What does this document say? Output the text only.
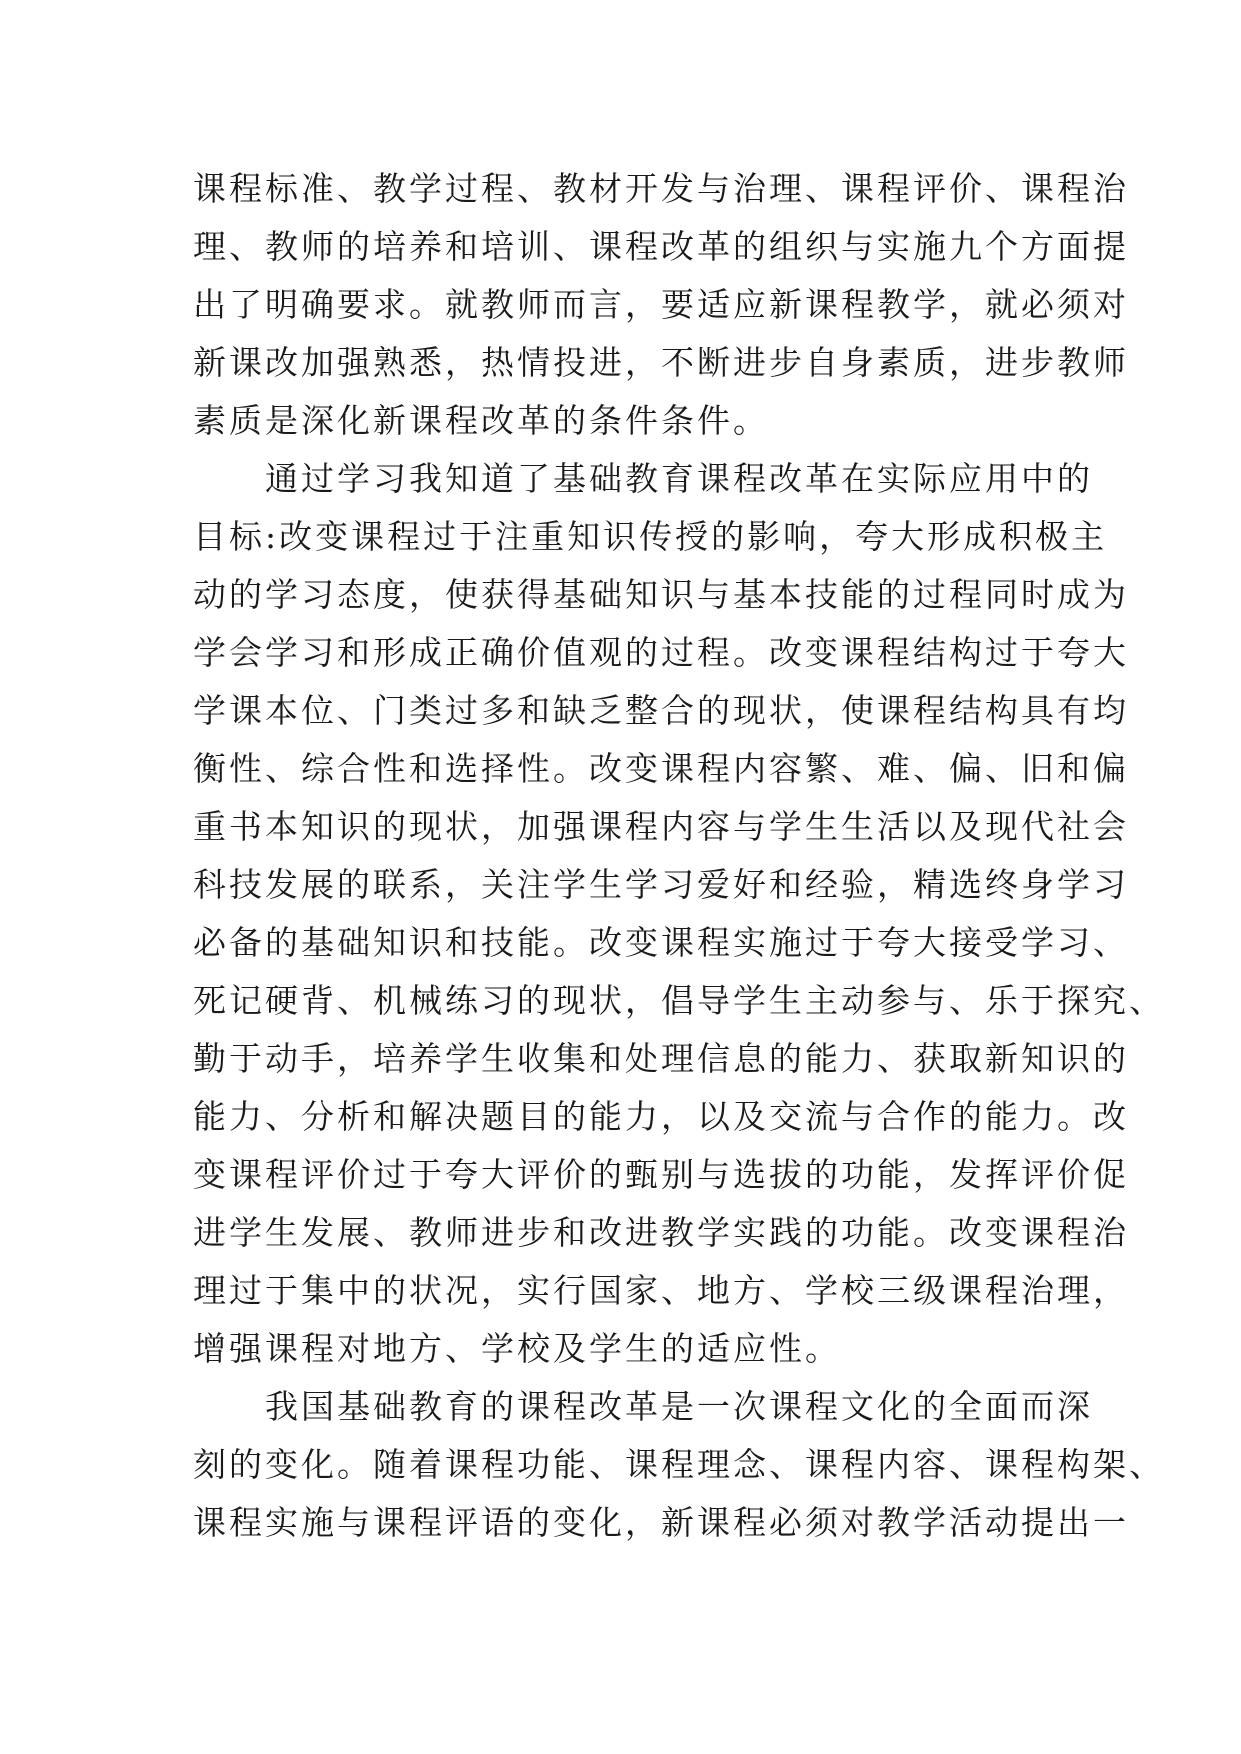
课程标准、教学过程、教材开发与治理、课程评价、课程治
理、教师的培养和培训、课程改革的组织与实施九个方面提
出了明确要求。就教师而言，要适应新课程教学，就必须对
新课改加强熟悉，热情投进，不断进步自身素质，进步教师
素质是深化新课程改革的条件条件。
　　通过学习我知道了基础教育课程改革在实际应用中的
目标:改变课程过于注重知识传授的影响，夸大形成积极主
动的学习态度，使获得基础知识与基本技能的过程同时成为
学会学习和形成正确价值观的过程。改变课程结构过于夸大
学课本位、门类过多和缺乏整合的现状，使课程结构具有均
衡性、综合性和选择性。改变课程内容繁、难、偏、旧和偏
重书本知识的现状，加强课程内容与学生生活以及现代社会
科技发展的联系，关注学生学习爱好和经验，精选终身学习
必备的基础知识和技能。改变课程实施过于夸大接受学习、
死记硬背、机械练习的现状，倡导学生主动参与、乐于探究、
勤于动手，培养学生收集和处理信息的能力、获取新知识的
能力、分析和解决题目的能力，以及交流与合作的能力。改
变课程评价过于夸大评价的甄别与选拔的功能，发挥评价促
进学生发展、教师进步和改进教学实践的功能。改变课程治
理过于集中的状况，实行国家、地方、学校三级课程治理，
增强课程对地方、学校及学生的适应性。
　　我国基础教育的课程改革是一次课程文化的全面而深
刻的变化。随着课程功能、课程理念、课程内容、课程构架、
课程实施与课程评语的变化，新课程必须对教学活动提出一
